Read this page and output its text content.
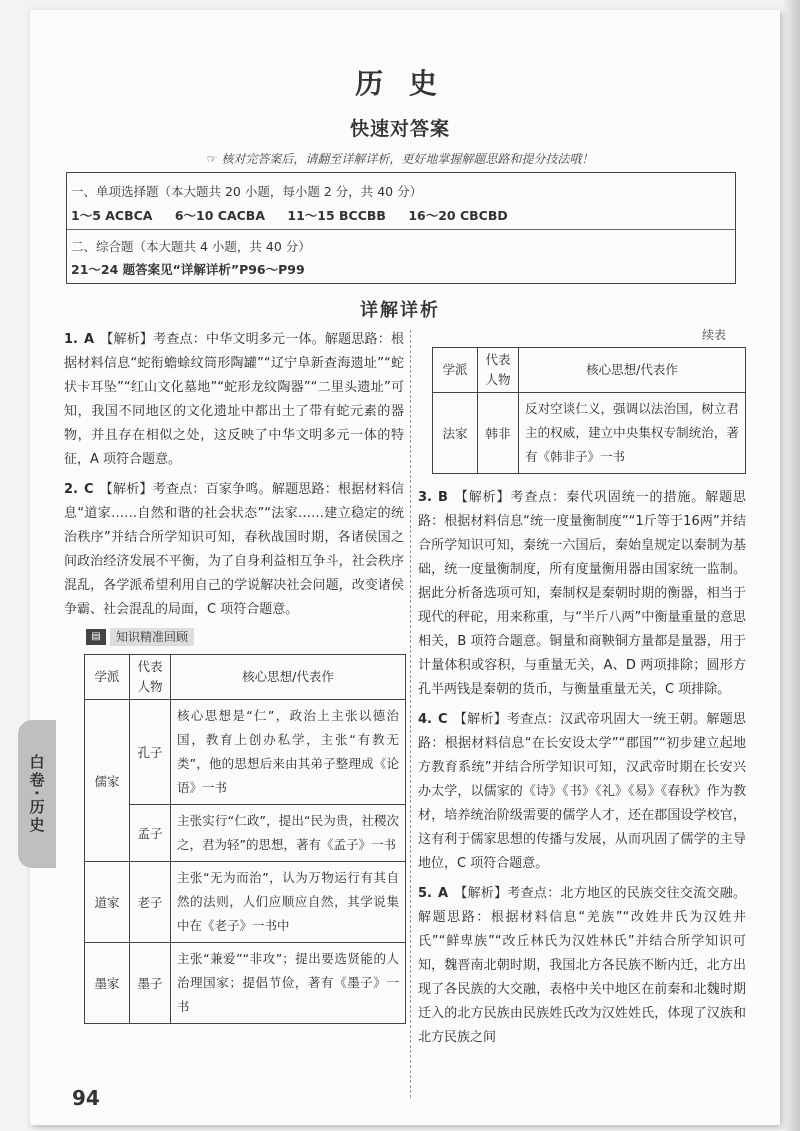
历 史
快速对答案
☞ 核对完答案后，请翻至详解详析，更好地掌握解题思路和提分技法哦！
一、单项选择题（本大题共 20 小题，每小题 2 分，共 40 分）
1～5 ACBCA 6～10 CACBA 11～15 BCCBB 16～20 CBCBD
二、综合题（本大题共 4 小题，共 40 分）
21～24 题答案见“详解详析”P96～P99
详解详析
1. A 【解析】考查点：中华文明多元一体。解题思路：根据材料信息“蛇衔蟾蜍纹筒形陶罐”“辽宁阜新查海遗址”“蛇状卡耳坠”“红山文化墓地”“蛇形龙纹陶器”“二里头遗址”可知，我国不同地区的文化遗址中都出土了带有蛇元素的器物，并且存在相似之处，这反映了中华文明多元一体的特征，A 项符合题意。
2. C 【解析】考查点：百家争鸣。解题思路：根据材料信息“道家……自然和谐的社会状态”“法家……建立稳定的统治秩序”并结合所学知识可知，春秋战国时期，各诸侯国之间政治经济发展不平衡，为了自身利益相互争斗，社会秩序混乱，各学派希望利用自己的学说解决社会问题，改变诸侯争霸、社会混乱的局面，C 项符合题意。
▤	知识精准回顾
学派	代表人物	核心思想/代表作
儒家	孔子	核心思想是“仁”，政治上主张以德治国，教育上创办私学，主张“有教无类”，他的思想后来由其弟子整理成《论语》一书
	孟子	主张实行“仁政”，提出“民为贵，社稷次之，君为轻”的思想，著有《孟子》一书
道家	老子	主张“无为而治”，认为万物运行有其自然的法则，人们应顺应自然，其学说集中在《老子》一书中
墨家	墨子	主张“兼爱”“非攻”；提出要选贤能的人治理国家；提倡节俭，著有《墨子》一书
续表
学派	代表人物	核心思想/代表作
法家	韩非	反对空谈仁义，强调以法治国，树立君主的权威，建立中央集权专制统治，著有《韩非子》一书
3. B 【解析】考查点：秦代巩固统一的措施。解题思路：根据材料信息“统一度量衡制度”“1斤等于16两”并结合所学知识可知，秦统一六国后，秦始皇规定以秦制为基础，统一度量衡制度，所有度量衡用器由国家统一监制。据此分析备选项可知，秦制权是秦朝时期的衡器，相当于现代的秤砣，用来称重，与“半斤八两”中衡量重量的意思相关，B 项符合题意。铜量和商鞅铜方量都是量器，用于计量体积或容积，与重量无关，A、D 两项排除；圆形方孔半两钱是秦朝的货币，与衡量重量无关，C 项排除。
4. C 【解析】考查点：汉武帝巩固大一统王朝。解题思路：根据材料信息“在长安设太学”“郡国”“初步建立起地方教育系统”并结合所学知识可知，汉武帝时期在长安兴办太学，以儒家的《诗》《书》《礼》《易》《春秋》作为教材，培养统治阶级需要的儒学人才，还在郡国设学校官，这有利于儒家思想的传播与发展，从而巩固了儒学的主导地位，C 项符合题意。
5. A 【解析】考查点：北方地区的民族交往交流交融。解题思路：根据材料信息“羌族”“改姓井氏为汉姓井氏”“鲜卑族”“改丘林氏为汉姓林氏”并结合所学知识可知，魏晋南北朝时期，我国北方各民族不断内迁，北方出现了各民族的大交融，表格中关中地区在前秦和北魏时期迁入的北方民族由民族姓氏改为汉姓姓氏，体现了汉族和北方民族之间
白卷·历史
94
